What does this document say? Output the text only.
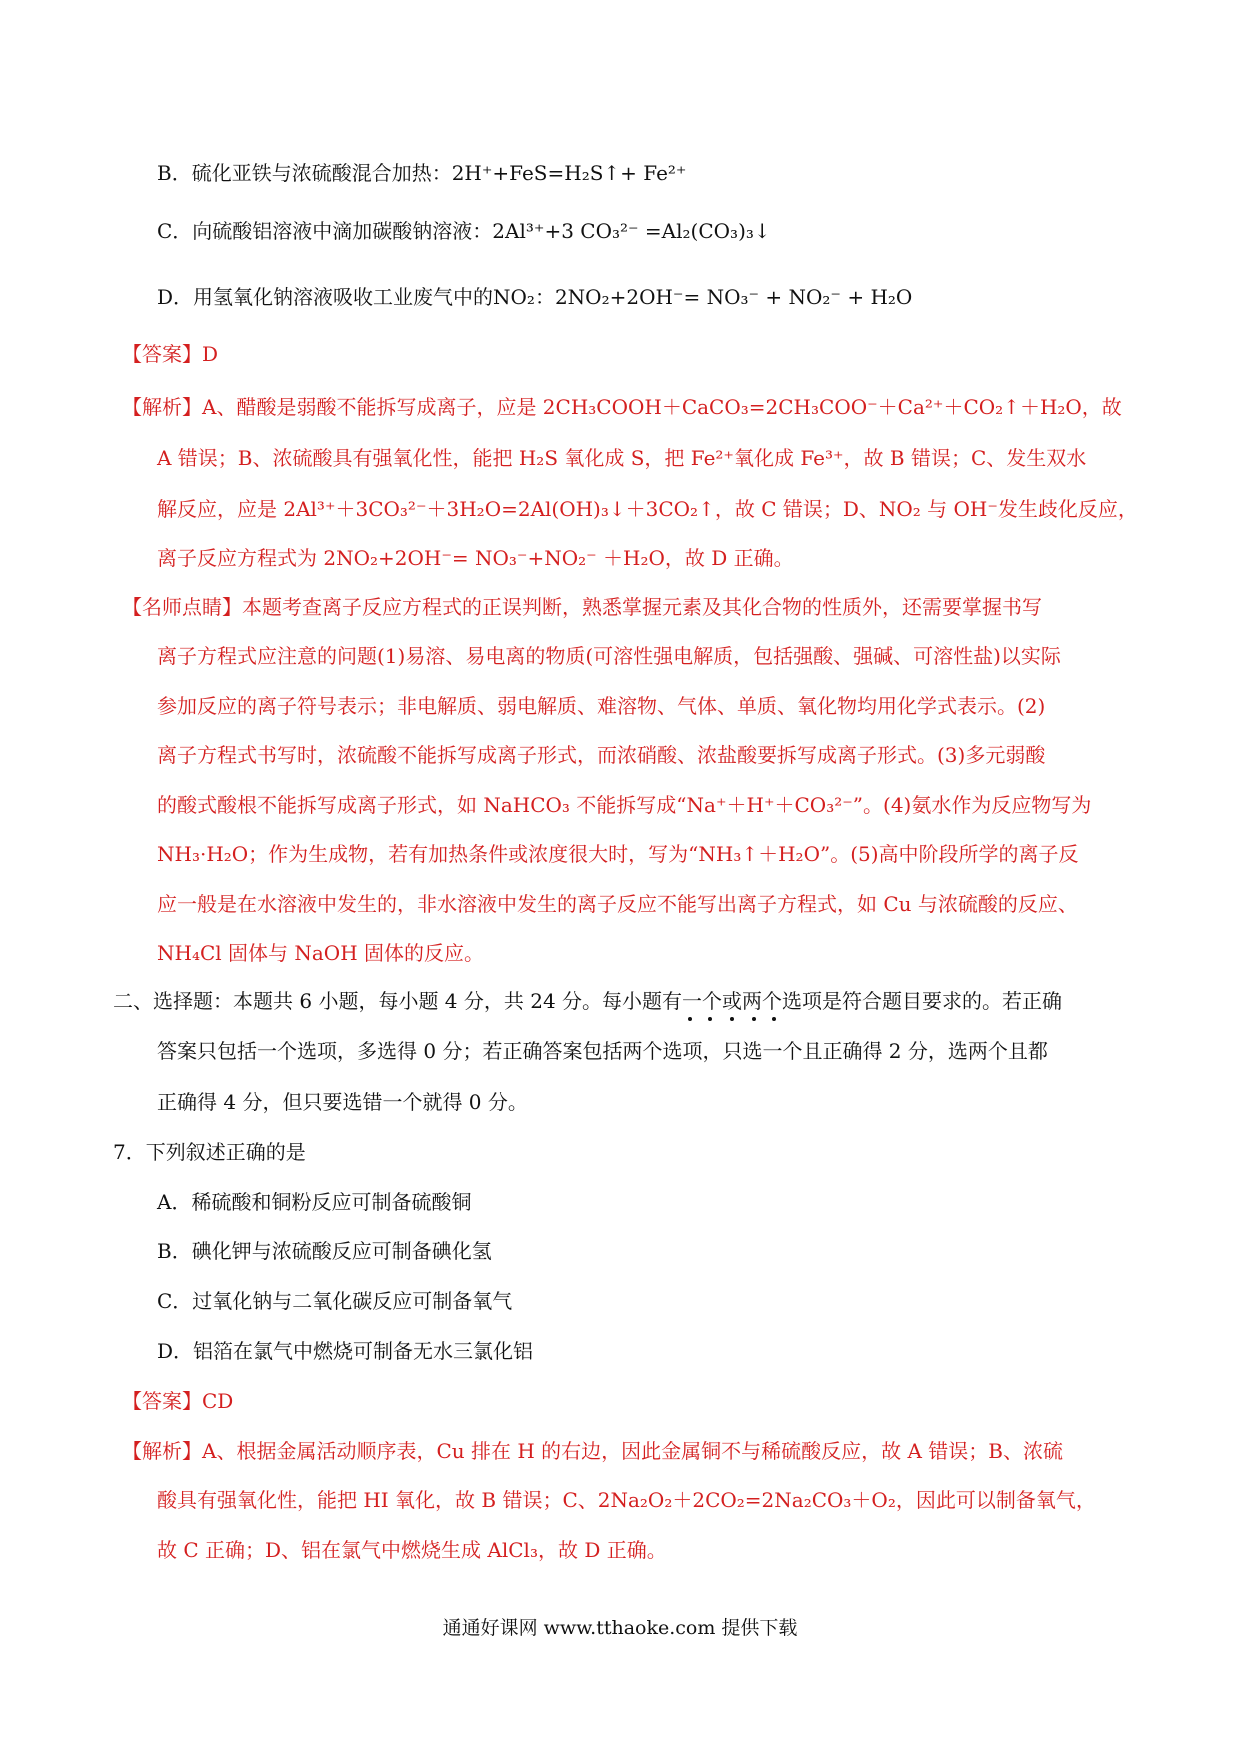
B．硫化亚铁与浓硫酸混合加热：2H⁺+FeS=H₂S↑+ Fe²⁺
C．向硫酸铝溶液中滴加碳酸钠溶液：2Al³⁺+3 CO₃²⁻ =Al₂(CO₃)₃↓
D．用氢氧化钠溶液吸收工业废气中的NO₂：2NO₂+2OH⁻= NO₃⁻ + NO₂⁻ + H₂O
【答案】D
【解析】A、醋酸是弱酸不能拆写成离子，应是 2CH₃COOH＋CaCO₃=2CH₃COO⁻＋Ca²⁺＋CO₂↑＋H₂O，故
A 错误；B、浓硫酸具有强氧化性，能把 H₂S 氧化成 S，把 Fe²⁺氧化成 Fe³⁺，故 B 错误；C、发生双水
解反应，应是 2Al³⁺＋3CO₃²⁻＋3H₂O=2Al(OH)₃↓＋3CO₂↑，故 C 错误；D、NO₂ 与 OH⁻发生歧化反应，
离子反应方程式为 2NO₂+2OH⁻= NO₃⁻+NO₂⁻ ＋H₂O，故 D 正确。
【名师点睛】本题考查离子反应方程式的正误判断，熟悉掌握元素及其化合物的性质外，还需要掌握书写
离子方程式应注意的问题(1)易溶、易电离的物质(可溶性强电解质，包括强酸、强碱、可溶性盐)以实际
参加反应的离子符号表示；非电解质、弱电解质、难溶物、气体、单质、氧化物均用化学式表示。(2)
离子方程式书写时，浓硫酸不能拆写成离子形式，而浓硝酸、浓盐酸要拆写成离子形式。(3)多元弱酸
的酸式酸根不能拆写成离子形式，如 NaHCO₃ 不能拆写成“Na⁺＋H⁺＋CO₃²⁻”。(4)氨水作为反应物写为
NH₃·H₂O；作为生成物，若有加热条件或浓度很大时，写为“NH₃↑＋H₂O”。(5)高中阶段所学的离子反
应一般是在水溶液中发生的，非水溶液中发生的离子反应不能写出离子方程式，如 Cu 与浓硫酸的反应、
NH₄Cl 固体与 NaOH 固体的反应。
二、选择题：本题共 6 小题，每小题 4 分，共 24 分。每小题有一个或两个
选项是符合题目要求的。若正确
答案只包括一个选项，多选得 0 分；若正确答案包括两个选项，只选一个且正确得 2 分，选两个且都
正确得 4 分，但只要选错一个就得 0 分。
7．下列叙述正确的是
A．稀硫酸和铜粉反应可制备硫酸铜
B．碘化钾与浓硫酸反应可制备碘化氢
C．过氧化钠与二氧化碳反应可制备氧气
D．铝箔在氯气中燃烧可制备无水三氯化铝
【答案】CD
【解析】A、根据金属活动顺序表，Cu 排在 H 的右边，因此金属铜不与稀硫酸反应，故 A 错误；B、浓硫
酸具有强氧化性，能把 HI 氧化，故 B 错误；C、2Na₂O₂＋2CO₂=2Na₂CO₃＋O₂，因此可以制备氧气，
故 C 正确；D、铝在氯气中燃烧生成 AlCl₃，故 D 正确。
通通好课网 www.tthaoke.com 提供下载
